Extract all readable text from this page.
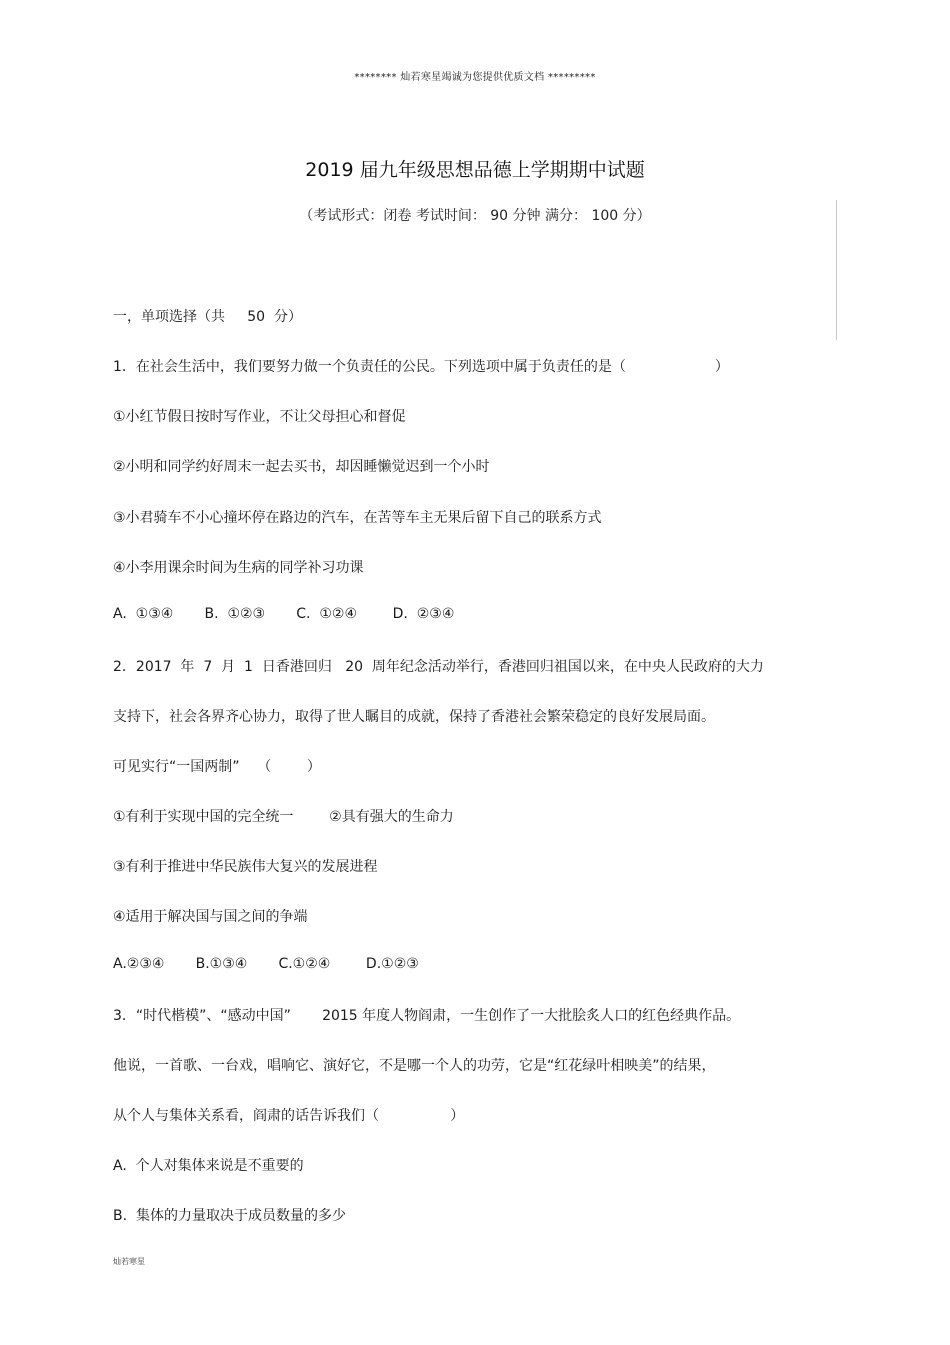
******** 灿若寒星竭诚为您提供优质文档 *********
2019 届九年级思想品德上学期期中试题
（考试形式：闭卷 考试时间： 90 分钟 满分： 100 分）
一，单项选择（共     50  分）
1．在社会生活中，我们要努力做一个负责任的公民。下列选项中属于负责任的是（                    ）
①小红节假日按时写作业，不让父母担心和督促
②小明和同学约好周末一起去买书，却因睡懒觉迟到一个小时
③小君骑车不小心撞坏停在路边的汽车，在苦等车主无果后留下自己的联系方式
④小李用课余时间为生病的同学补习功课
A.  ①③④       B.  ①②③       C.  ①②④        D.  ②③④
2．2017  年  7  月  1  日香港回归   20  周年纪念活动举行，香港回归祖国以来，在中央人民政府的大力
支持下，社会各界齐心协力，取得了世人瞩目的成就，保持了香港社会繁荣稳定的良好发展局面。
可见实行“一国两制”    （        ）
①有利于实现中国的完全统一        ②具有强大的生命力
③有利于推进中华民族伟大复兴的发展进程
④适用于解决国与国之间的争端
A.②③④       B.①③④       C.①②④        D.①②③
3．“时代楷模”、“感动中国”       2015 年度人物阎肃，一生创作了一大批脍炙人口的红色经典作品。
他说，一首歌、一台戏，唱响它、演好它，不是哪一个人的功劳，它是“红花绿叶相映美”的结果，
从个人与集体关系看，阎肃的话告诉我们（                ）
A.  个人对集体来说是不重要的
B.  集体的力量取决于成员数量的多少
灿若寒星
